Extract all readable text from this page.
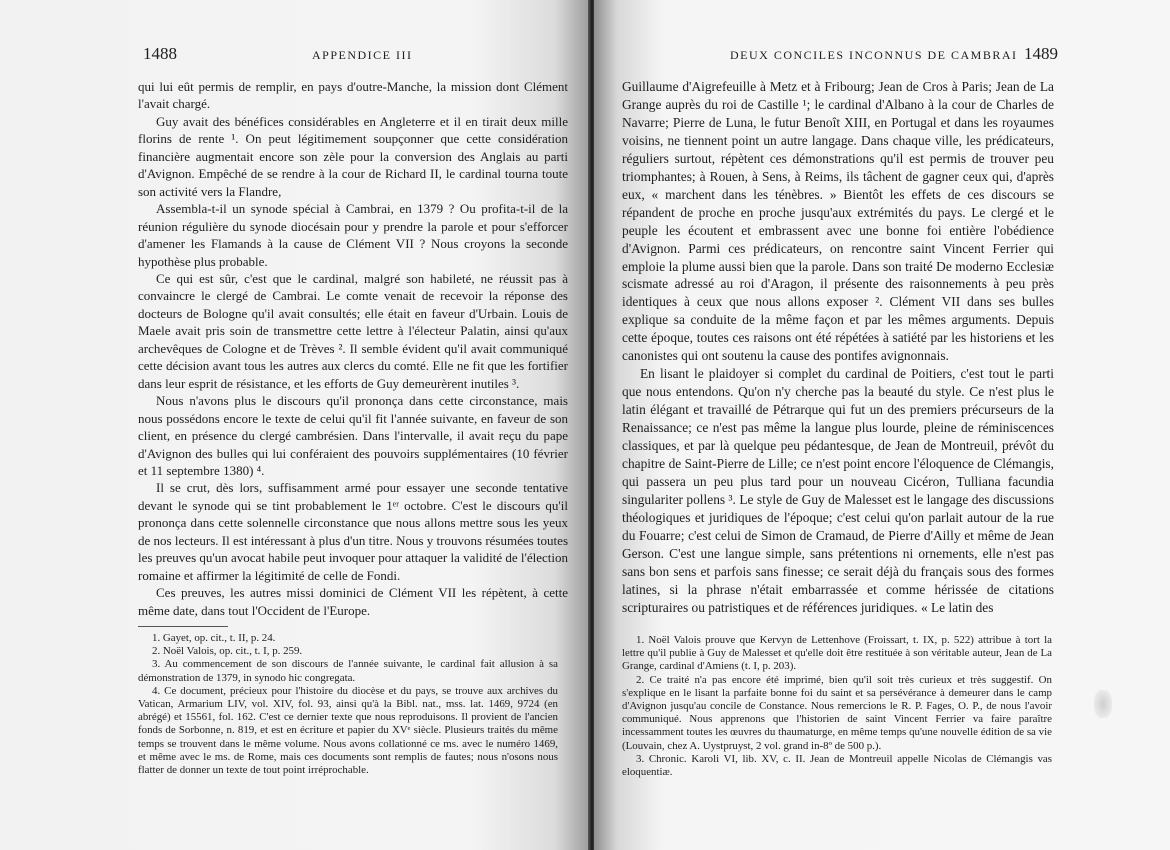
1488	APPENDICE III

qui lui eût permis de remplir, en pays d'outre-Manche, la mission dont Clément l'avait chargé.

Guy avait des bénéfices considérables en Angleterre et il en tirait deux mille florins de rente ¹. On peut légitimement soupçonner que cette considération financière augmentait encore son zèle pour la conversion des Anglais au parti d'Avignon. Empêché de se rendre à la cour de Richard II, le cardinal tourna toute son activité vers la Flandre,

Assembla-t-il un synode spécial à Cambrai, en 1379 ? Ou profita-t-il de la réunion régulière du synode diocésain pour y prendre la parole et pour s'efforcer d'amener les Flamands à la cause de Clément VII ? Nous croyons la seconde hypothèse plus probable.

Ce qui est sûr, c'est que le cardinal, malgré son habileté, ne réussit pas à convaincre le clergé de Cambrai. Le comte venait de recevoir la réponse des docteurs de Bologne qu'il avait consultés; elle était en faveur d'Urbain. Louis de Maele avait pris soin de transmettre cette lettre à l'électeur Palatin, ainsi qu'aux archevêques de Cologne et de Trèves ². Il semble évident qu'il avait communiqué cette décision avant tous les autres aux clercs du comté. Elle ne fit que les fortifier dans leur esprit de résistance, et les efforts de Guy demeurèrent inutiles ³.

Nous n'avons plus le discours qu'il prononça dans cette circonstance, mais nous possédons encore le texte de celui qu'il fit l'année suivante, en faveur de son client, en présence du clergé cambrésien. Dans l'intervalle, il avait reçu du pape d'Avignon des bulles qui lui conféraient des pouvoirs supplémentaires (10 février et 11 septembre 1380) ⁴.

Il se crut, dès lors, suffisamment armé pour essayer une seconde tentative devant le synode qui se tint probablement le 1ᵉʳ octobre. C'est le discours qu'il prononça dans cette solennelle circonstance que nous allons mettre sous les yeux de nos lecteurs. Il est intéressant à plus d'un titre. Nous y trouvons résumées toutes les preuves qu'un avocat habile peut invoquer pour attaquer la validité de l'élection romaine et affirmer la légitimité de celle de Fondi.

Ces preuves, les autres missi dominici de Clément VII les répètent, à cette même date, dans tout l'Occident de l'Europe.

1. Gayet, op. cit., t. II, p. 24.

2. Noël Valois, op. cit., t. I, p. 259.

3. Au commencement de son discours de l'année suivante, le cardinal fait allusion à sa démonstration de 1379, in synodo hic congregata.

4. Ce document, précieux pour l'histoire du diocèse et du pays, se trouve aux archives du Vatican, Armarium LIV, vol. XIV, fol. 93, ainsi qu'à la Bibl. nat., mss. lat. 1469, 9724 (en abrégé) et 15561, fol. 162. C'est ce dernier texte que nous reproduisons. Il provient de l'ancien fonds de Sorbonne, n. 819, et est en écriture et papier du XVᵉ siècle. Plusieurs traités du même temps se trouvent dans le même volume. Nous avons collationné ce ms. avec le numéro 1469, et même avec le ms. de Rome, mais ces documents sont remplis de fautes; nous n'osons nous flatter de donner un texte de tout point irréprochable.

DEUX CONCILES INCONNUS DE CAMBRAI 1489

Guillaume d'Aigrefeuille à Metz et à Fribourg; Jean de Cros à Paris; Jean de La Grange auprès du roi de Castille ¹; le cardinal d'Albano à la cour de Charles de Navarre; Pierre de Luna, le futur Benoît XIII, en Portugal et dans les royaumes voisins, ne tiennent point un autre langage. Dans chaque ville, les prédicateurs, réguliers surtout, répètent ces démonstrations qu'il est permis de trouver peu triomphantes; à Rouen, à Sens, à Reims, ils tâchent de gagner ceux qui, d'après eux, « marchent dans les ténèbres. » Bientôt les effets de ces discours se répandent de proche en proche jusqu'aux extrémités du pays. Le clergé et le peuple les écoutent et embrassent avec une bonne foi entière l'obédience d'Avignon. Parmi ces prédicateurs, on rencontre saint Vincent Ferrier qui emploie la plume aussi bien que la parole. Dans son traité De moderno Ecclesiæ scismate adressé au roi d'Aragon, il présente des raisonnements à peu près identiques à ceux que nous allons exposer ². Clément VII dans ses bulles explique sa conduite de la même façon et par les mêmes arguments. Depuis cette époque, toutes ces raisons ont été répétées à satiété par les historiens et les canonistes qui ont soutenu la cause des pontifes avignonnais.

En lisant le plaidoyer si complet du cardinal de Poitiers, c'est tout le parti que nous entendons. Qu'on n'y cherche pas la beauté du style. Ce n'est plus le latin élégant et travaillé de Pétrarque qui fut un des premiers précurseurs de la Renaissance; ce n'est pas même la langue plus lourde, pleine de réminiscences classiques, et par là quelque peu pédantesque, de Jean de Montreuil, prévôt du chapitre de Saint-Pierre de Lille; ce n'est point encore l'éloquence de Clémangis, qui passera un peu plus tard pour un nouveau Cicéron, Tulliana facundia singulariter pollens ³. Le style de Guy de Malesset est le langage des discussions théologiques et juridiques de l'époque; c'est celui qu'on parlait autour de la rue du Fouarre; c'est celui de Simon de Cramaud, de Pierre d'Ailly et même de Jean Gerson. C'est une langue simple, sans prétentions ni ornements, elle n'est pas sans bon sens et parfois sans finesse; ce serait déjà du français sous des formes latines, si la phrase n'était embarrassée et comme hérissée de citations scripturaires ou patristiques et de références juridiques. « Le latin des

1. Noël Valois prouve que Kervyn de Lettenhove (Froissart, t. IX, p. 522) attribue à tort la lettre qu'il publie à Guy de Malesset et qu'elle doit être restituée à son véritable auteur, Jean de La Grange, cardinal d'Amiens (t. I, p. 203).

2. Ce traité n'a pas encore été imprimé, bien qu'il soit très curieux et très suggestif. On s'explique en le lisant la parfaite bonne foi du saint et sa persévérance à demeurer dans le camp d'Avignon jusqu'au concile de Constance. Nous remercions le R. P. Fages, O. P., de nous l'avoir communiqué. Nous apprenons que l'historien de saint Vincent Ferrier va faire paraître incessamment toutes les œuvres du thaumaturge, en même temps qu'une nouvelle édition de sa vie (Louvain, chez A. Uystpruyst, 2 vol. grand in-8º de 500 p.).

3. Chronic. Karoli VI, lib. XV, c. II. Jean de Montreuil appelle Nicolas de Clémangis vas eloquentiæ.
